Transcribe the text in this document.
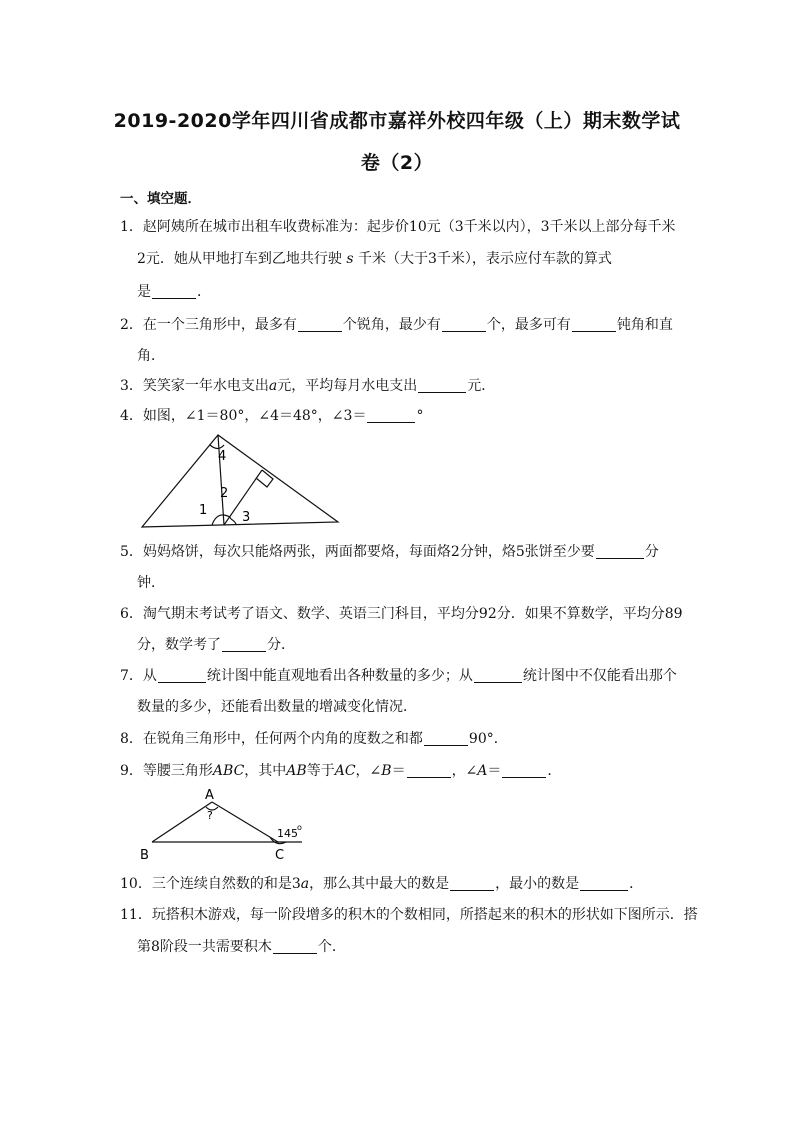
2019-2020学年四川省成都市嘉祥外校四年级（上）期末数学试
卷（2）
一、填空题．
1．赵阿姨所在城市出租车收费标准为：起步价10元（3千米以内），3千米以上部分每千米
2元．她从甲地打车到乙地共行驶 s 千米（大于3千米），表示应付车款的算式
是	．
2．在一个三角形中，最多有	个锐角，最少有	个，最多可有	钝角和直
角．
3．笑笑家一年水电支出a元，平均每月水电支出	元．
4．如图，∠1＝80°，∠4＝48°，∠3＝	°
4
2
1	3
5．妈妈烙饼，每次只能烙两张，两面都要烙，每面烙2分钟，烙5张饼至少要	分
钟．
6．淘气期末考试考了语文、数学、英语三门科目，平均分92分．如果不算数学，平均分89
分，数学考了	分．
7．从	统计图中能直观地看出各种数量的多少；从	统计图中不仅能看出那个
数量的多少，还能看出数量的增减变化情况．
8．在锐角三角形中，任何两个内角的度数之和都	90°．
9．等腰三角形ABC，其中AB等于AC，∠B＝	，∠A＝	．
A
?
B	C
145 o
10．三个连续自然数的和是3a，那么其中最大的数是	，最小的数是	．
11．玩搭积木游戏，每一阶段增多的积木的个数相同，所搭起来的积木的形状如下图所示．搭
第8阶段一共需要积木	个．
